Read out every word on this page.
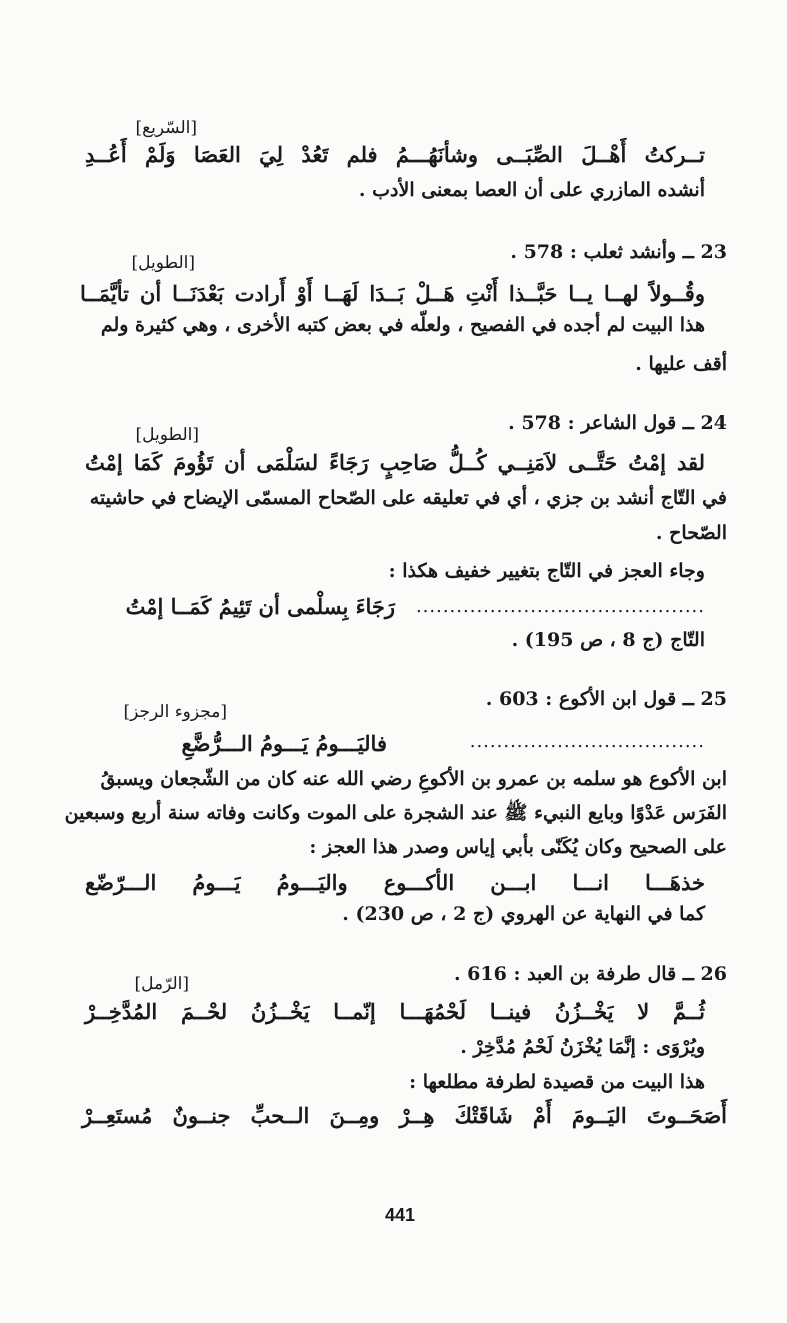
[السّريع]
تــركتُ أَهْــلَ الصِّبَــى وشأنَهُـــمُ فلم تَعُدْ لِيَ العَصَا وَلَمْ أَعُــدِ
أنشده المازري على أن العصا بمعنى الأدب .
23 ــ وأنشد ثعلب : 578 .
[الطويل]
وقُــولاً لهــا يــا حَبَّــذا أَنْتِ هَــلْ بَــدَا لَهَــا أَوْ أَرادت بَعْدَنَــا أن تأيَّمَــا
هذا البيت لم أجده في الفصيح ، ولعلّه في بعض كتبه الأخرى ، وهي كثيرة ولم
أقف عليها .
24 ــ قول الشاعر : 578 .
[الطويل]
لقد إمْتُ حَتَّــى لاَمَنِــي كُــلُّ صَاحِبٍ رَجَاءً لسَلْمَى أن تَؤُومَ كَمَا إمْتُ
في التّاج أنشد بن جزي ، أي في تعليقه على الصّحاح المسمّى الإيضاح في حاشيته
الصّحاح .
وجاء العجز في التّاج بتغيير خفيف هكذا :
رَجَاءَ بِسلْمى أن تَئِيمُ كَمَــا إمْتُ ...........................................
التّاج (ج 8 ، ص 195) .
25 ــ قول ابن الأكوع : 603 .
[مجزوء الرجز]
...................................
فاليَـــومُ يَـــومُ الـــرُّضَّعِ
ابن الأكوع هو سلمه بن عمرو بن الأكوعِ رضي الله عنه كان من الشّجعان ويسبقُ
الفَرَس عَدْوًا وبايع النبيء ﷺ عند الشجرة على الموت وكانت وفاته سنة أربع وسبعين
على الصحيح وكان يُكَنّى بأبي إياس وصدر هذا العجز :
خذهَـــا انـــا ابـــن الأكـــوع واليَـــومُ يَـــومُ الـــرّضّع
كما في النهاية عن الهروي (ج 2 ، ص 230) .
26 ــ قال طرفة بن العبد : 616 .
[الرّمل]
ثُــمَّ لا يَخْــزُنُ فينــا لَحْمُهَـــا إنّمــا يَخْــزُنُ لحْــمَ المُدَّخِــرْ
ويُرْوَى : إنَّمَا يُخْزَنُ لَحْمُ مُدَّخِرْ .
هذا البيت من قصيدة لطرفة مطلعها :
أَصَحَــوتَ اليَــومَ أَمْ شَاقَتْكَ هِــرْ ومِــنَ الــحبِّ جنــونٌ مُستَعِــرْ
441
